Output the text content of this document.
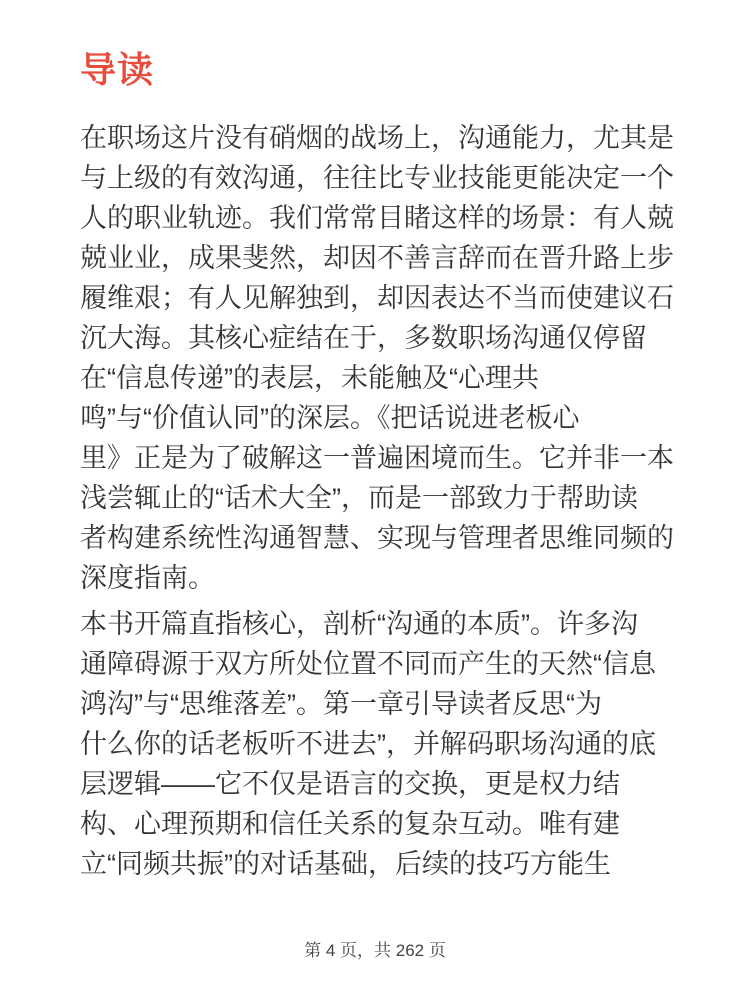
导读
在职场这片没有硝烟的战场上，沟通能力，尤其是
与上级的有效沟通，往往比专业技能更能决定一个
人的职业轨迹。我们常常目睹这样的场景：有人兢
兢业业，成果斐然，却因不善言辞而在晋升路上步
履维艰；有人见解独到，却因表达不当而使建议石
沉大海。其核心症结在于，多数职场沟通仅停留
在“信息传递”的表层，未能触及“心理共
鸣”与“价值认同”的深层。《把话说进老板心
里》正是为了破解这一普遍困境而生。它并非一本
浅尝辄止的“话术大全”，而是一部致力于帮助读
者构建系统性沟通智慧、实现与管理者思维同频的
深度指南。
本书开篇直指核心，剖析“沟通的本质”。许多沟
通障碍源于双方所处位置不同而产生的天然“信息
鸿沟”与“思维落差”。第一章引导读者反思“为
什么你的话老板听不进去”，并解码职场沟通的底
层逻辑——它不仅是语言的交换，更是权力结
构、心理预期和信任关系的复杂互动。唯有建
立“同频共振”的对话基础，后续的技巧方能生
第 4 页，共 262 页
